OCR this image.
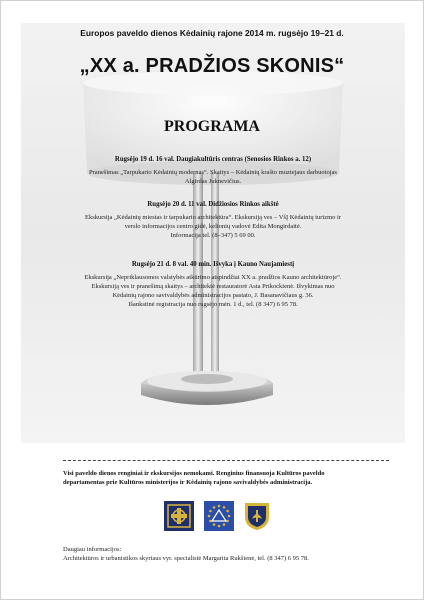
Europos paveldo dienos Kėdainių rajone 2014 m. rugsėjo 19–21 d.
„XX a. PRADŽIOS SKONIS“
PROGRAMA
Rugsėjo 19 d. 16 val. Daugiakultūris centras (Senosios Rinkos a. 12)
Pranešimas „Tarpukario Kėdainių modernas“. Skaitys – Kėdainių krašto muziejaus darbuotojas
Algirdas Juknevičius.
Rugsėjo 20 d. 11 val. Didžiosios Rinkos aikštė
Ekskursija „Kėdainių miestas ir tarpukario architektūra“. Ekskursiją ves – VšĮ Kėdainių turizmo ir
verslo informacijos centro gidė, kelionių vadovė Edita Mongirdaitė.
Informacija tel. (8–347) 5 69 00.
Rugsėjo 21 d. 8 val. 40 min. Išvyka į Kauno Naujamiestį
Ekskursija „Nepriklausomos valstybės atkūrimo atspindžiai XX a. pradžios Kauno architektūroje“.
Ekskursiją ves ir pranešimą skaitys – architektė restauratorė Asta Prikockienė. Išvykimas nuo
Kėdainių rajono savivaldybės administracijos pastato, J. Basanavičiaus g. 36.
Išankstinė registracija nuo rugsėjo mėn. 1 d., tel. (8 347) 6 95 78.
Visi paveldo dienos renginiai ir ekskursijos nemokami. Renginius finansuoja Kultūros paveldo
departamentas prie Kultūros ministerijos ir Kėdainių rajono savivaldybės administracija.
Daugiau informacijos:
Architektūros ir urbanistikos skyriaus vyr. specialistė Margarita Rukšienė, tel. (8 347) 6 95 78.
